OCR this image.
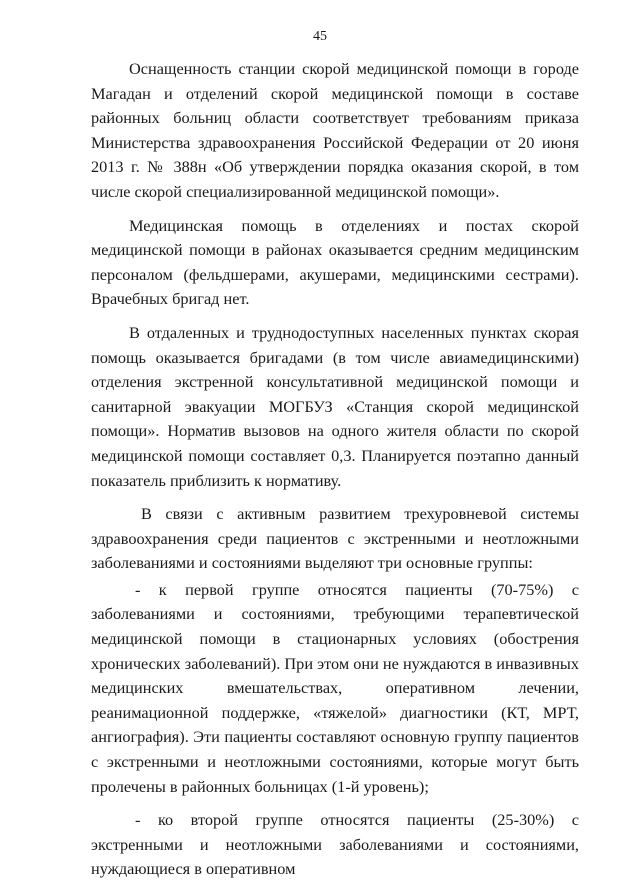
45

Оснащенность станции скорой медицинской помощи в городе Магадан и отделений скорой медицинской помощи в составе районных больниц области соответствует требованиям приказа Министерства здравоохранения Российской Федерации от 20 июня 2013 г. № 388н «Об утверждении порядка оказания скорой, в том числе скорой специализированной медицинской помощи».

Медицинская помощь в отделениях и постах скорой медицинской помощи в районах оказывается средним медицинским персоналом (фельдшерами, акушерами, медицинскими сестрами). Врачебных бригад нет.

В отдаленных и труднодоступных населенных пунктах скорая помощь оказывается бригадами (в том числе авиамедицинскими) отделения экстренной консультативной медицинской помощи и санитарной эвакуации МОГБУЗ «Станция скорой медицинской помощи». Норматив вызовов на одного жителя области по скорой медицинской помощи составляет 0,3. Планируется поэтапно данный показатель приблизить к нормативу.

В связи с активным развитием трехуровневой системы здравоохранения среди пациентов с экстренными и неотложными заболеваниями и состояниями выделяют три основные группы:

- к первой группе относятся пациенты (70-75%) с заболеваниями и состояниями, требующими терапевтической медицинской помощи в стационарных условиях (обострения хронических заболеваний). При этом они не нуждаются в инвазивных медицинских вмешательствах, оперативном лечении, реанимационной поддержке, «тяжелой» диагностики (КТ, МРТ, ангиография). Эти пациенты составляют основную группу пациентов с экстренными и неотложными состояниями, которые могут быть пролечены в районных больницах (1-й уровень);

- ко второй группе относятся пациенты (25-30%) с экстренными и неотложными заболеваниями и состояниями, нуждающиеся в оперативном
